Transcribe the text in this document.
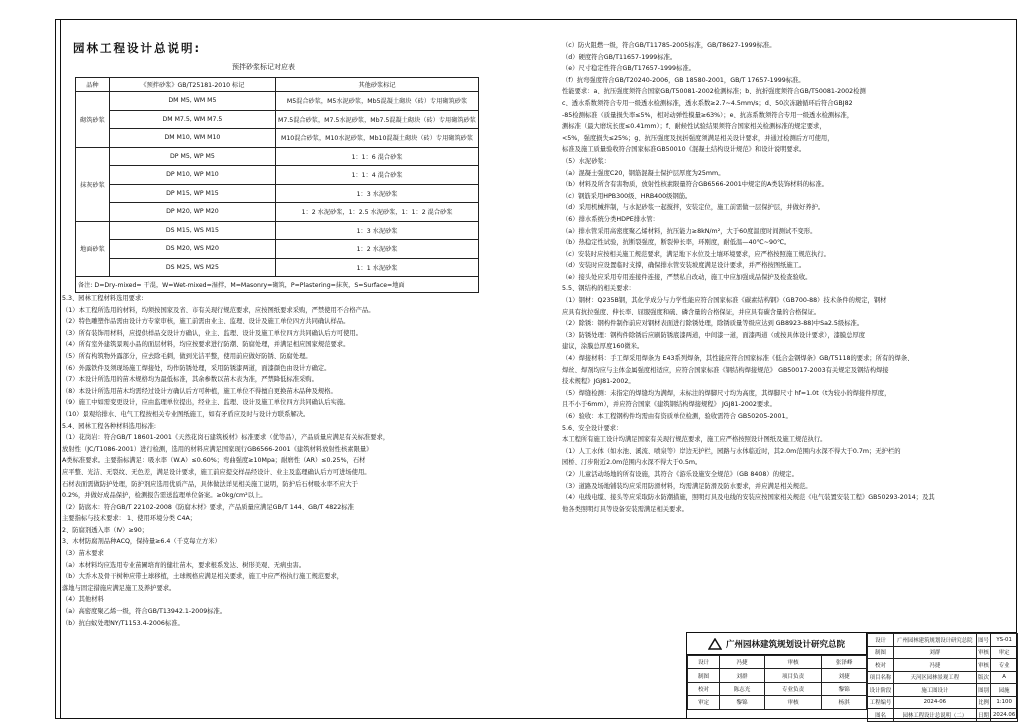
园林工程设计总说明:
预拌砂浆标记对应表
品种	《预拌砂浆》GB/T25181-2010 标记	其他砂浆标记
砌筑砂浆	DM M5, WM M5	M5混合砂浆，M5水泥砂浆，Mb5混凝土砌块（砖）专用砌筑砂浆
	DM M7.5, WM M7.5	M7.5混合砂浆，M7.5水泥砂浆，Mb7.5混凝土砌块（砖）专用砌筑砂浆
	DM M10, WM M10	M10混合砂浆，M10水泥砂浆，Mb10混凝土砌块（砖）专用砌筑砂浆
抹灰砂浆	DP M5, WP M5	1：1：6 混合砂浆
	DP M10, WP M10	1：1：4 混合砂浆
	DP M15, WP M15	1：3 水泥砂浆
	DP M20, WP M20	1：2 水泥砂浆，1：2.5 水泥砂浆，1：1：2 混合砂浆
地面砂浆	DS M15, WS M15	1：3 水泥砂浆
	DS M20, WS M20	1：2 水泥砂浆
	DS M25, WS M25	1：1 水泥砂浆
备注: D=Dry-mixed= 干混，W=Wet-mixed=湿拌，M=Masonry=砌筑，P=Plastering=抹灰，S=Surface=地面		
5.3、园林工程材料选用要求:
（1）本工程所选用的材料，均须按国家及省、市有关现行规范要求，应按图纸要求采购，严禁使用不合格产品。
（2）特色雕塑作品需由设计方专家审核，施工前需由业主、监理、设计及施工单位四方共同确认样品。
（3）所有装饰用材料，应提供样品交设计方确认，业主、监理、设计及施工单位四方共同确认后方可使用。
（4）所有室外建筑景观小品的面层材料，均应按要求进行防潮、防腐处理，并满足相应国家规范要求。
（5）所有构筑物外露部分，应去除毛刺，做到光洁平整，使用前应做好防锈、防腐处理。
（6）外露铁件及须现场施工焊接处，均作防锈处理，采用防锈漆两道，面漆颜色由设计方确定。
（7）本设计所选用的苗木规格均为最低标准，其余参数以苗木表为准，严禁降低标准采购。
（8）本设计所选用苗木均需经过设计方确认后方可种植，施工单位不得擅自更换苗木品种及规格。
（9）施工中如需变更设计，应由监理单位提出，经业主、监理、设计及施工单位四方共同确认后实施。
（10）景观给排水、电气工程按相关专业图纸施工，如有矛盾应及时与设计方联系解决。
5.4、园林工程各种材料选用标准:
（1）花岗岩：符合GB/T 18601-2001《天然花岗石建筑板材》标准要求（优等品），产品质量应满足有关标准要求，
放射性（JC/T1086-2001）进行检测，选用的材料应满足国家现行GB6566-2001《建筑材料放射性核素限量》
A类标准要求。主要指标满足：吸水率（W.A）≤0.60%；弯曲强度≥10Mpa；耐磨性（AR）≤0.25%，石材
应平整、光洁、无裂纹、无色差，满足设计要求，施工前应提交样品经设计、业主及监理确认后方可进场使用。
石材表面需做防护处理，防护剂应选用优质产品，具体做法详见相关施工说明，防护后石材吸水率不应大于
0.2%，并做好成品保护，检测报告需送监理单位备案。≥0kg/cm²以上。
（2）防腐木：符合GB/T 22102-2008《防腐木材》要求，产品质量应满足GB/T 144、GB/T 4822标准
主要指标与技术要求： 1、使用环境分类 C4A；
2、防腐剂透入率（Ⅳ）≥90；
3、木材防腐剂品种ACQ，保持量≥6.4（千克每立方米）
（3）苗木要求
（a）本材料均应选用专业苗圃培育的健壮苗木，要求根系发达、树形美观、无病虫害。
（b）大乔木及骨干树种应带土球移植，土球规格应满足相关要求，施工中应严格执行施工规范要求，
落地与固定措施应满足施工及养护要求。
（4）其他材料
（a）高密度聚乙烯一级，符合GB/T13942.1-2009标准。
（b）抗白蚁处理NY/T1153.4-2006标准。
（c）防火阻燃一级，符合GB/T11785-2005标准，GB/T8627-1999标准。
（d）硬度符合GB/T11657-1999标准。
（e）尺寸稳定性符合GB/T17657-1999标准。
（f）抗弯强度符合GB/T20240-2006，GB 18580-2001，GB/T 17657-1999标准。
性能要求：a、抗压强度须符合国家GB/T50081-2002检测标准；b、抗折强度须符合GB/T50081-2002检测
c、透水系数须符合专用一级透水检测标准，透水系数≥2.7~4.5mm/s；d、50次冻融循环后符合GBJ82
-85检测标准（质量损失率≤5%，相对动弹性模量≥63%）；e、抗冻系数须符合专用一级透水检测标准，
测标准（最大磨坑长度≤0.41mm）；f、耐候性试验结果须符合国家相关检测标准的规定要求，
<5%，强度损失≤25%；g、抗压强度及抗折强度须满足相关设计要求，并通过检测后方可使用，
标准及施工质量验收符合国家标准GB50010《混凝土结构设计规范》和设计说明要求。
（5）水泥砂浆：
（a）混凝土强度C20，钢筋混凝土保护层厚度为25mm。
（b）材料及所含有害物质，放射性核素限量符合GB6566-2001中规定的A类装饰材料的标准。
（c）钢筋采用HPB300级、HRB400级钢筋。
（d）采用机械拌制，与水泥砂浆一起搅拌，安装定位，施工前需做一层保护层，并做好养护。
（6）排水系统分类HDPE排水管：
（a）排水管采用高密度聚乙烯材料，抗压能力≥8kN/m²，大于60度温度时间测试不变形。
（b）热稳定性试验，抗断裂强度，断裂伸长率，环刚度，耐低温—40℃~90℃。
（c）安装时应按相关施工规范要求，满足地下水位及土壤环境要求，应严格按照施工规范执行。
（d）安装时应设置临时支撑，确保排水管安装坡度满足设计要求，并严格按图纸施工。
（e）接头处应采用专用连接件连接，严禁私自改动，施工中应加强成品保护及检查验收。
5.5、钢结构的相关要求：
（1）钢材：Q235B钢，其化学成分与力学性能应符合国家标准《碳素结构钢》（GB700-88）技术条件的规定，钢材
应具有抗拉强度、伸长率、屈服强度和硫、磷含量的合格保证，并应具有碳含量的合格保证。
（2）除锈：钢构件制作前应对钢材表面进行除锈处理，除锈质量等级应达到 GB8923-88)中Sa2.5级标准。
（3）防锈处理：钢构件除锈后应刷防锈底漆两道，中间漆一道，面漆两道（或按具体设计要求），漆膜总厚度
建议，涂膜总厚度160微米。
（4）焊接材料：手工焊采用焊条为 E43系列焊条，其性能应符合国家标准《低合金钢焊条》GB/T5118的要求；所有的焊条、
焊丝、焊剂均应与主体金属强度相适应，应符合国家标准《钢结构焊接规范》 GB50017-2003有关规定及钢结构焊接
技术规程》JGJ81-2002。
（5）焊缝检测：未指定的焊缝均为满焊，未标注的焊脚尺寸均为高度，其焊脚尺寸 hf=1.0t（t为较小的焊接件厚度，
且不小于6mm），并应符合国家《建筑钢结构焊接规程》 JGJ81-2002要求。
（6）验收：本工程钢构件均需由有资质单位检测，验收需符合 GB50205-2001。
5.6、安全设计要求：
本工程所有施工设计均满足国家有关现行规范要求，施工应严格按照设计图纸及施工规范执行。
（1）人工水体（如水池、溪流、喷泉等）岸边无护栏，园路与水体临近时，其2.0m范围内水深不得大于0.7m；无护栏的
园桥、汀步附近2.0m范围内水深不得大于0.5m。
（2）儿童活动场地的所有设施，其符合《游乐设施安全规范》（GB 8408）的规定。
（3）道路及场地铺装均应采用防滑材料，均需满足防滑及防水要求，并应满足相关规范。
（4）电线电缆、接头等应采取防水防潮措施，照明灯具及电线的安装应按国家相关规范《电气装置安装工程》GB50293-2014；及其
他各类照明灯具等设备安装需满足相关要求。
广州园林建筑规划设计研究总院
设计	冯捷	审核	张泽峰
制图	刘群	项目负责	刘捷
校对	陈志光	专业负责	黎锦
审定	黎锦	审核	杨淇
设计	广州园林建筑规划设计研究总院	图号	YS-01
制图	刘群	审核	审定
校对	冯捷	审核	专业
项目名称	天河区园林景观工程	版次	A
设计阶段	施工图设计	图别	园施
工程编号	2024-06	比例	1:100
图名	园林工程设计总说明（二）	日期	2024.06
